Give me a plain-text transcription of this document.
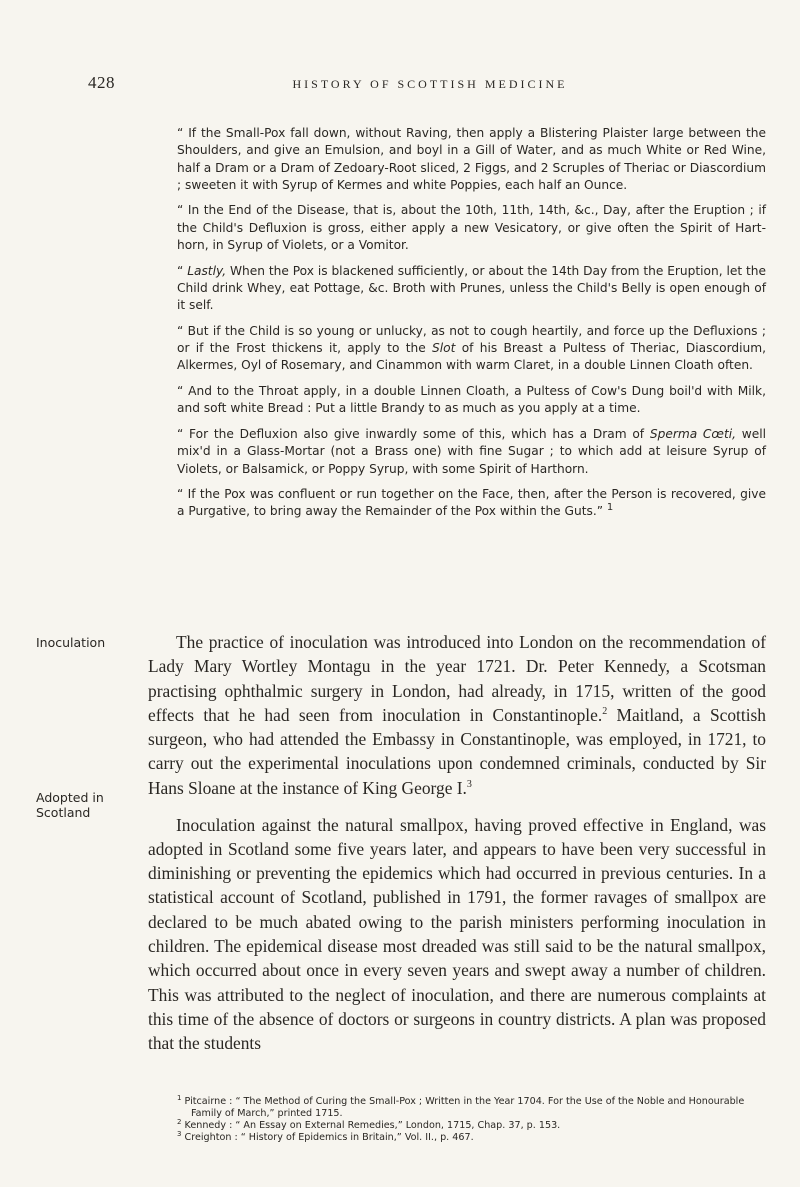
428	HISTORY OF SCOTTISH MEDICINE

“ If the Small-Pox fall down, without Raving, then apply a Blistering Plaister large between the Shoulders, and give an Emulsion, and boyl in a Gill of Water, and as much White or Red Wine, half a Dram or a Dram of Zedoary-Root sliced, 2 Figgs, and 2 Scruples of Theriac or Diascordium ; sweeten it with Syrup of Kermes and white Poppies, each half an Ounce.

“ In the End of the Disease, that is, about the 10th, 11th, 14th, &c., Day, after the Eruption ; if the Child's Defluxion is gross, either apply a new Vesicatory, or give often the Spirit of Hart-horn, in Syrup of Violets, or a Vomitor.

“ Lastly, When the Pox is blackened sufficiently, or about the 14th Day from the Eruption, let the Child drink Whey, eat Pottage, &c. Broth with Prunes, unless the Child's Belly is open enough of it self.

“ But if the Child is so young or unlucky, as not to cough heartily, and force up the Defluxions ; or if the Frost thickens it, apply to the Slot of his Breast a Pultess of Theriac, Diascordium, Alkermes, Oyl of Rosemary, and Cinammon with warm Claret, in a double Linnen Cloath often.

“ And to the Throat apply, in a double Linnen Cloath, a Pultess of Cow's Dung boil'd with Milk, and soft white Bread : Put a little Brandy to as much as you apply at a time.

“ For the Defluxion also give inwardly some of this, which has a Dram of Sperma Cœti, well mix'd in a Glass-Mortar (not a Brass one) with fine Sugar ; to which add at leisure Syrup of Violets, or Balsamick, or Poppy Syrup, with some Spirit of Harthorn.

“ If the Pox was confluent or run together on the Face, then, after the Person is recovered, give a Purgative, to bring away the Remainder of the Pox within the Guts.” $^1$

Inoculation
Adopted in Scotland

The practice of inoculation was introduced into London on the recommendation of Lady Mary Wortley Montagu in the year 1721. Dr. Peter Kennedy, a Scotsman practising ophthalmic surgery in London, had already, in 1715, written of the good effects that he had seen from inoculation in Constantinople.$^2$ Maitland, a Scottish surgeon, who had attended the Embassy in Constantinople, was employed, in 1721, to carry out the experimental inoculations upon condemned criminals, conducted by Sir Hans Sloane at the instance of King George I.$^3$

Inoculation against the natural smallpox, having proved effective in England, was adopted in Scotland some five years later, and appears to have been very successful in diminishing or preventing the epidemics which had occurred in previous centuries. In a statistical account of Scotland, published in 1791, the former ravages of smallpox are declared to be much abated owing to the parish ministers performing inoculation in children. The epidemical disease most dreaded was still said to be the natural smallpox, which occurred about once in every seven years and swept away a number of children. This was attributed to the neglect of inoculation, and there are numerous complaints at this time of the absence of doctors or surgeons in country districts. A plan was proposed that the students

$^1$ Pitcairne : “ The Method of Curing the Small-Pox ; Written in the Year 1704. For the Use of the Noble and Honourable Family of March,” printed 1715.

$^2$ Kennedy : “ An Essay on External Remedies,” London, 1715, Chap. 37, p. 153.

$^3$ Creighton : “ History of Epidemics in Britain,” Vol. II., p. 467.
